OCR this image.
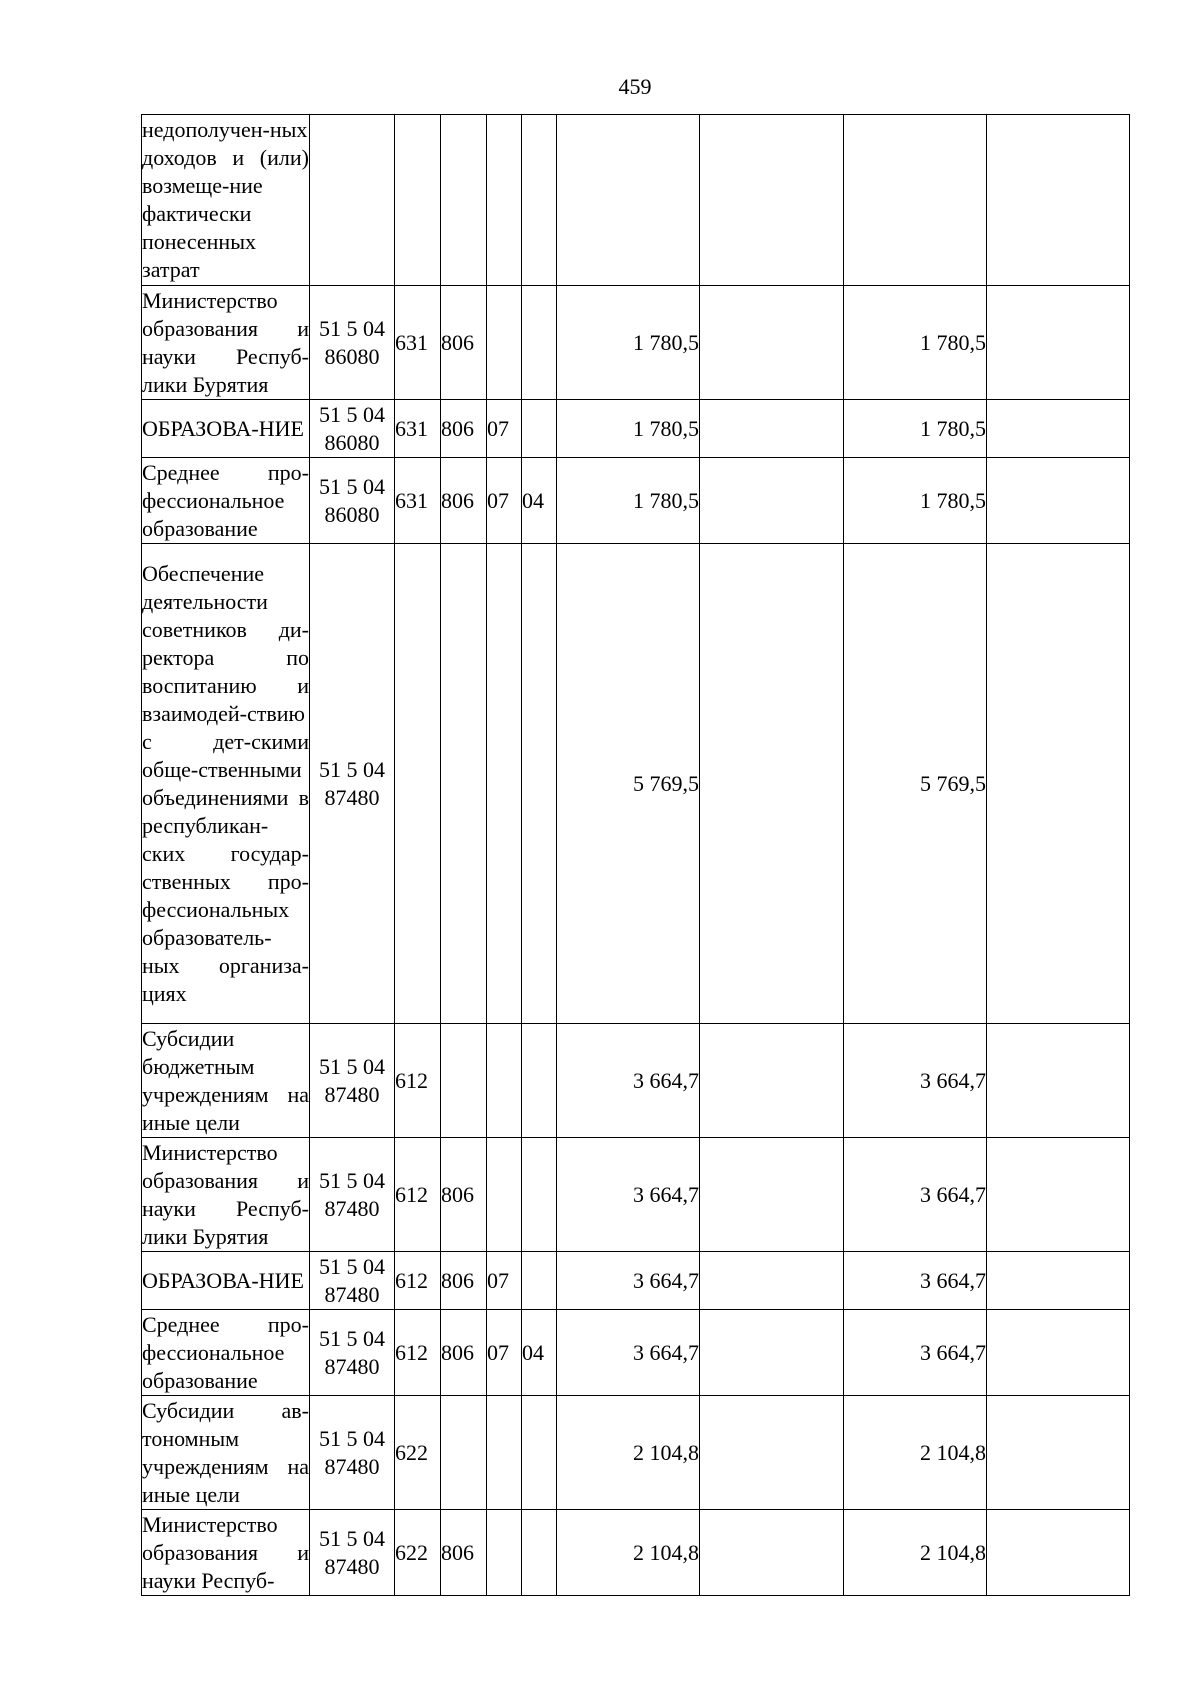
459
недополучен-ных доходов и (или) возмеще-ние фактически понесенных затрат									
Министерство образования и науки Респуб-лики Бурятия	51 5 04 86080	631	806			1 780,5		1 780,5	
ОБРАЗОВА-НИЕ	51 5 04 86080	631	806	07		1 780,5		1 780,5	
Среднее про-фессиональное образование	51 5 04 86080	631	806	07	04	1 780,5		1 780,5	
Обеспечение деятельности советников ди-ректора по воспитанию и взаимодей-ствию с дет-скими обще-ственными объединениями в республикан-ских государ-ственных про-фессиональных образователь-ных организа-циях	51 5 04 87480					5 769,5		5 769,5	
Субсидии бюджетным учреждениям на иные цели	51 5 04 87480	612				3 664,7		3 664,7	
Министерство образования и науки Респуб-лики Бурятия	51 5 04 87480	612	806			3 664,7		3 664,7	
ОБРАЗОВА-НИЕ	51 5 04 87480	612	806	07		3 664,7		3 664,7	
Среднее про-фессиональное образование	51 5 04 87480	612	806	07	04	3 664,7		3 664,7	
Субсидии ав-тономным учреждениям на иные цели	51 5 04 87480	622				2 104,8		2 104,8	
Министерство образования и науки Респуб-	51 5 04 87480	622	806			2 104,8		2 104,8	
